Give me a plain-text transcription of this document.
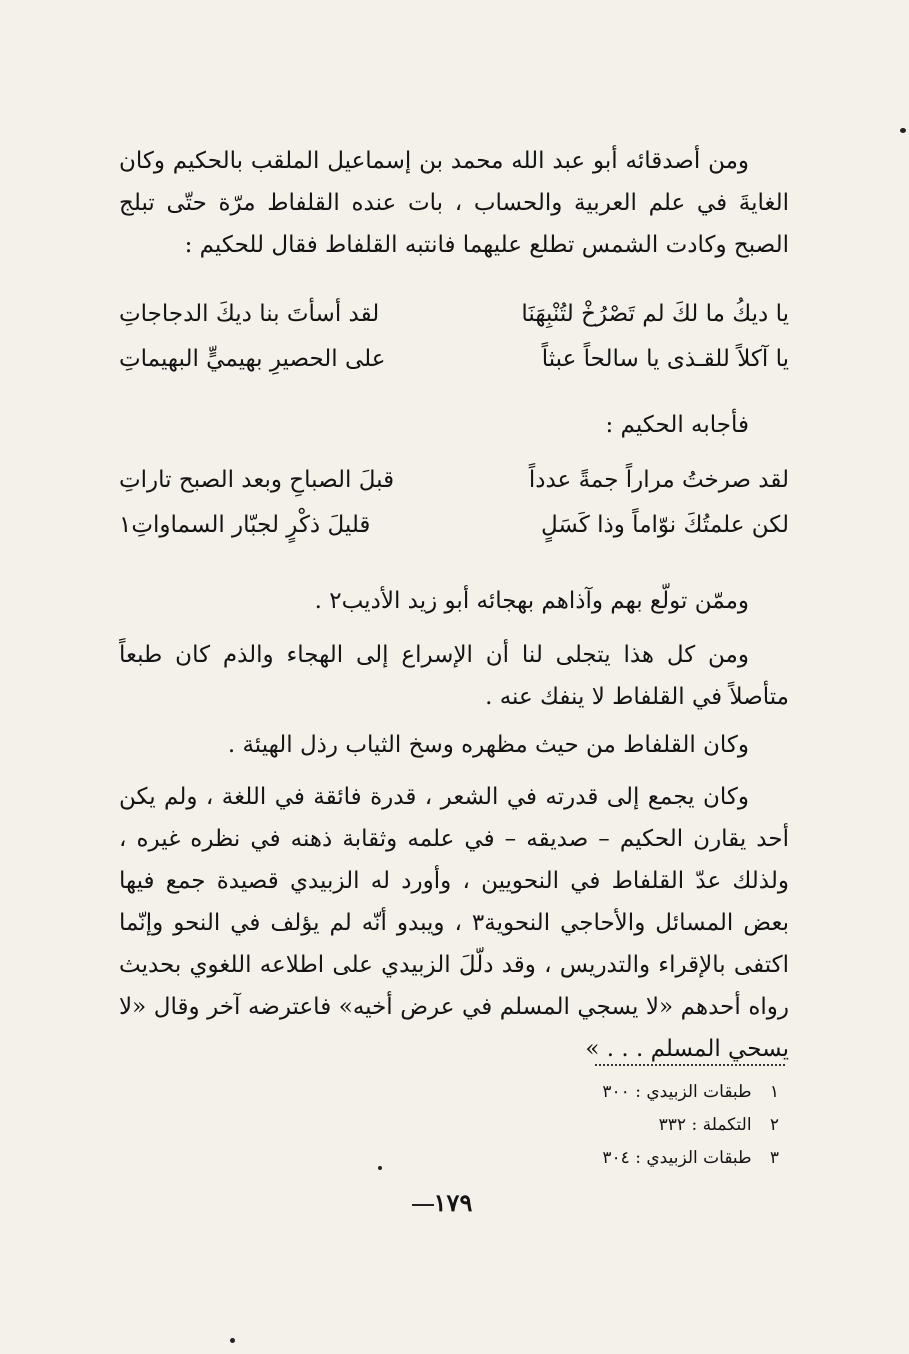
ومن أصدقائه أبو عبد الله محمد بن إسماعيل الملقب بالحكيم وكان الغايةَ في علم العربية والحساب ، بات عنده القلفاط مرّة حتّى تبلج الصبح وكادت الشمس تطلع عليهما فانتبه القلفاط فقال للحكيم :

يا ديكُ ما لكَ لم تَصْرُخْ لتُنْبِهَنَا
لقد أسأتَ بنا ديكَ الدجاجاتِ
يا آكلاً للقـذى يا سالحاً عبثاً
على الحصيرِ بهيميٍّ البهيماتِ

فأجابه الحكيم :

لقد صرختُ مراراً جمةً عدداً
قبلَ الصباحِ وبعد الصبح تاراتِ
لكن علمتُكَ نوّاماً وذا كَسَلٍ
قليلَ ذكْرٍ لجبّار السماواتِ١

وممّن تولّع بهم وآذاهم بهجائه أبو زيد الأديب٢ .

ومن كل هذا يتجلى لنا أن الإسراع إلى الهجاء والذم كان طبعاً متأصلاً في القلفاط لا ينفك عنه .

وكان القلفاط من حيث مظهره وسخ الثياب رذل الهيئة .

وكان يجمع إلى قدرته في الشعر ، قدرة فائقة في اللغة ، ولم يكن أحد يقارن الحكيم – صديقه – في علمه وثقابة ذهنه في نظره غيره ، ولذلك عدّ القلفاط في النحويين ، وأورد له الزبيدي قصيدة جمع فيها بعض المسائل والأحاجي النحوية٣ ، ويبدو أنّه لم يؤلف في النحو وإنّما اكتفى بالإقراء والتدريس ، وقد دلّلَ الزبيدي على اطلاعه اللغوي بحديث رواه أحدهم «لا يسجي المسلم في عرض أخيه» فاعترضه آخر وقال «لا يسحي المسلم . . . »

١ طبقات الزبيدي : ٣٠٠
٢ التكملة : ٣٣٢
٣ طبقات الزبيدي : ٣٠٤
١٧٩
